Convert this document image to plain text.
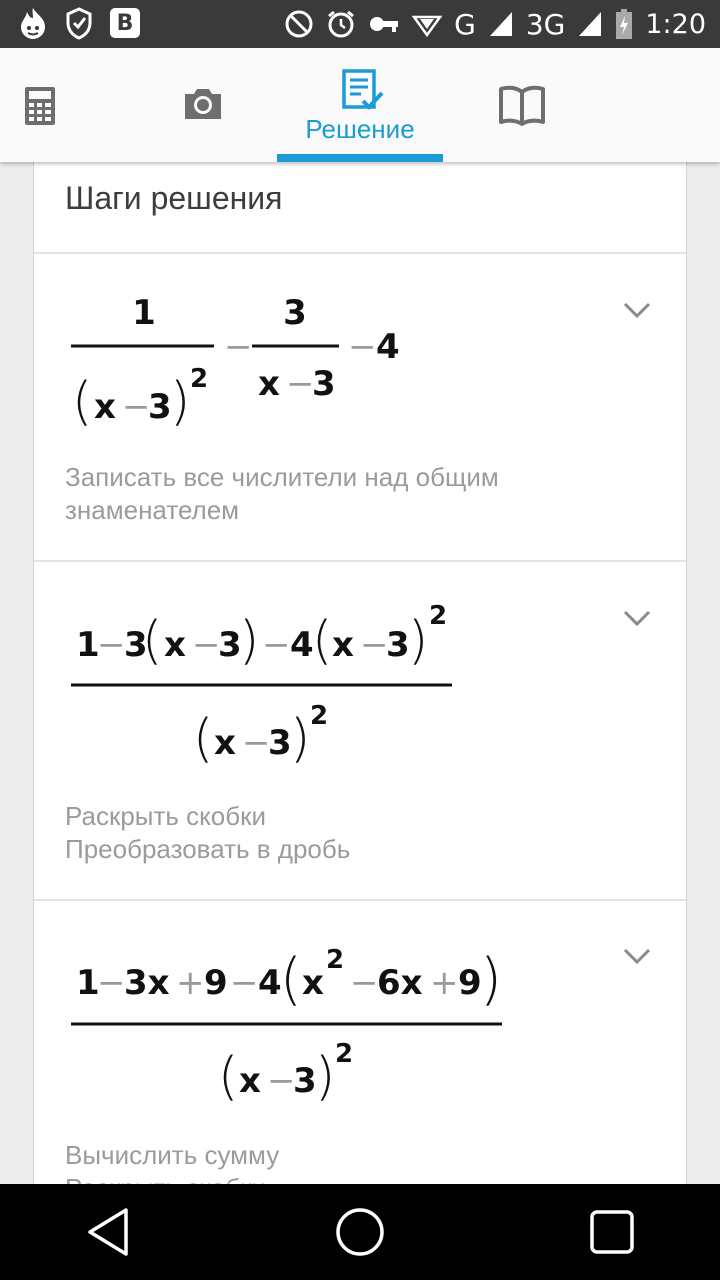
B	G 3G	1:20
Решение
Шаги решения
1
( x −
3
) 2
−
3
x −
3
− 4
Записать все числители над общим
знаменателем
1
−
3
( x −
3
) − 4
( x −
3
) 2
( x −
3
) 2
Раскрыть скобки
Преобразовать в дробь
1
−
3x + 9 − 4
( x
2
−
6x + 9
)
( x −
3
) 2
Вычислить сумму
